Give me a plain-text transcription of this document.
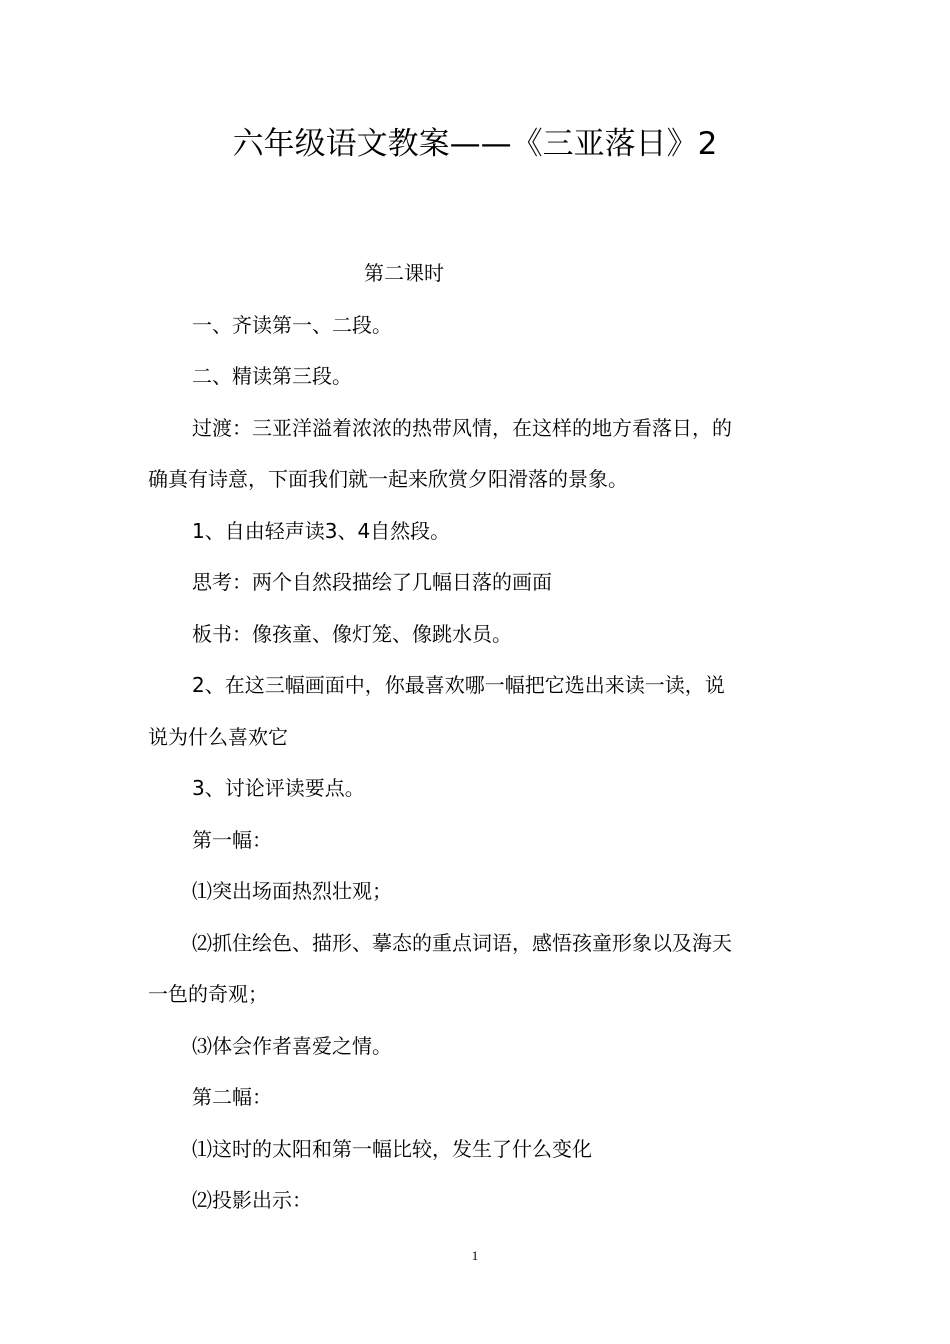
六年级语文教案——《三亚落日》2
第二课时
一、齐读第一、二段。
二、精读第三段。
过渡：三亚洋溢着浓浓的热带风情，在这样的地方看落日，的
确真有诗意，下面我们就一起来欣赏夕阳滑落的景象。
1、自由轻声读3、4自然段。
思考：两个自然段描绘了几幅日落的画面
板书：像孩童、像灯笼、像跳水员。
2、在这三幅画面中，你最喜欢哪一幅把它选出来读一读，说
说为什么喜欢它
3、讨论评读要点。
第一幅：
⑴突出场面热烈壮观；
⑵抓住绘色、描形、摹态的重点词语，感悟孩童形象以及海天
一色的奇观；
⑶体会作者喜爱之情。
第二幅：
⑴这时的太阳和第一幅比较，发生了什么变化
⑵投影出示：
1
